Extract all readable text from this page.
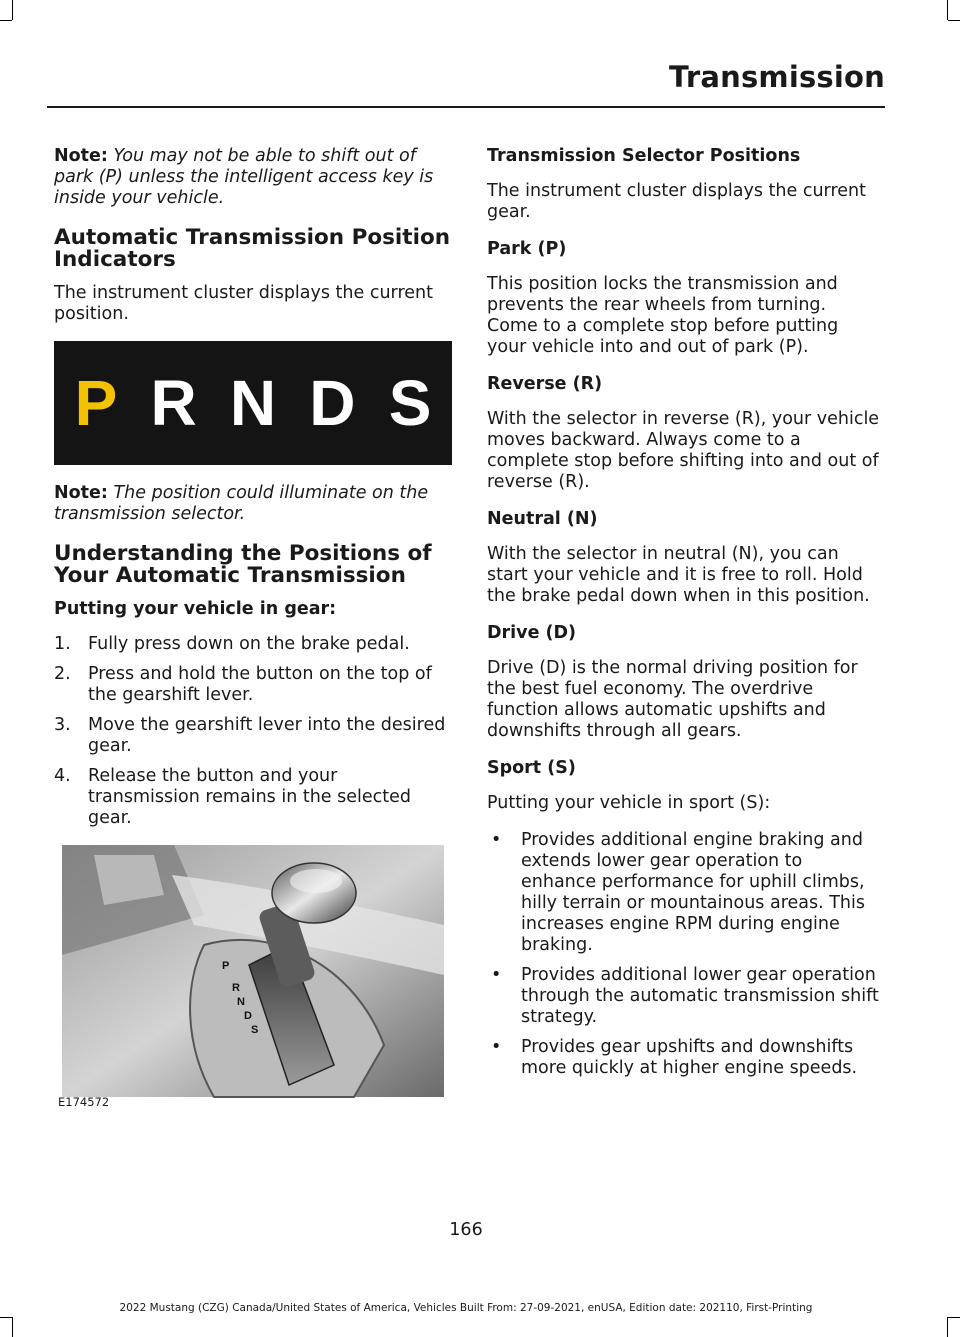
Transmission

Note: You may not be able to shift out of park (P) unless the intelligent access key is inside your vehicle.

Automatic Transmission Position Indicators

The instrument cluster displays the current position.

P R N D S

Note: The position could illuminate on the transmission selector.

Understanding the Positions of Your Automatic Transmission
Putting your vehicle in gear:
1. Fully press down on the brake pedal.
2. Press and hold the button on the top of the gearshift lever.
3. Move the gearshift lever into the desired gear.
4. Release the button and your transmission remains in the selected gear.
P
R
N
D
S
E174572
Transmission Selector Positions

The instrument cluster displays the current gear.

Park (P)

This position locks the transmission and prevents the rear wheels from turning. Come to a complete stop before putting your vehicle into and out of park (P).

Reverse (R)

With the selector in reverse (R), your vehicle moves backward. Always come to a complete stop before shifting into and out of reverse (R).

Neutral (N)

With the selector in neutral (N), you can start your vehicle and it is free to roll. Hold the brake pedal down when in this position.

Drive (D)

Drive (D) is the normal driving position for the best fuel economy. The overdrive function allows automatic upshifts and downshifts through all gears.

Sport (S)

Putting your vehicle in sport (S):

• Provides additional engine braking and extends lower gear operation to enhance performance for uphill climbs, hilly terrain or mountainous areas. This increases engine RPM during engine braking.
• Provides additional lower gear operation through the automatic transmission shift strategy.
• Provides gear upshifts and downshifts more quickly at higher engine speeds.
166
2022 Mustang (CZG) Canada/United States of America, Vehicles Built From: 27-09-2021, enUSA, Edition date: 202110, First-Printing
